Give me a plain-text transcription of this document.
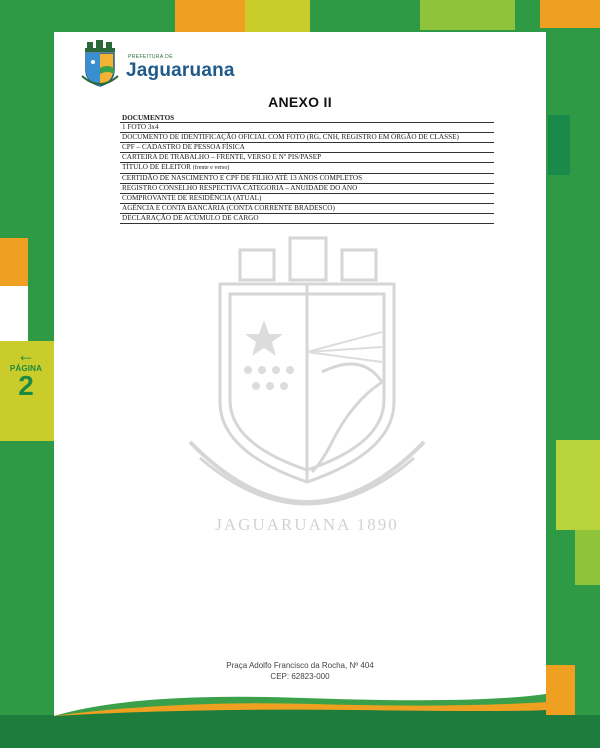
←
PÁGINA
2
PREFEITURA DE
Jaguaruana
JAGUARUANA 1890
ANEXO II
DOCUMENTOS
1 FOTO 3x4
DOCUMENTO DE IDENTIFICAÇÃO OFICIAL COM FOTO (RG, CNH, REGISTRO EM ÓRGÃO DE CLASSE)
CPF – CADASTRO DE PESSOA FÍSICA
CARTEIRA DE TRABALHO – FRENTE, VERSO E Nº PIS/PASEP
TÍTULO DE ELEITOR (frente e verso)
CERTIDÃO DE NASCIMENTO E CPF DE FILHO ATÉ 13 ANOS COMPLETOS
REGISTRO CONSELHO RESPECTIVA CATEGORIA – ANUIDADE DO ANO
COMPROVANTE DE RESIDÊNCIA (ATUAL)
AGÊNCIA E CONTA BANCÁRIA (CONTA CORRENTE BRADESCO)
DECLARAÇÃO DE ACÚMULO DE CARGO
Praça Adolfo Francisco da Rocha, Nº 404
CEP: 62823-000
